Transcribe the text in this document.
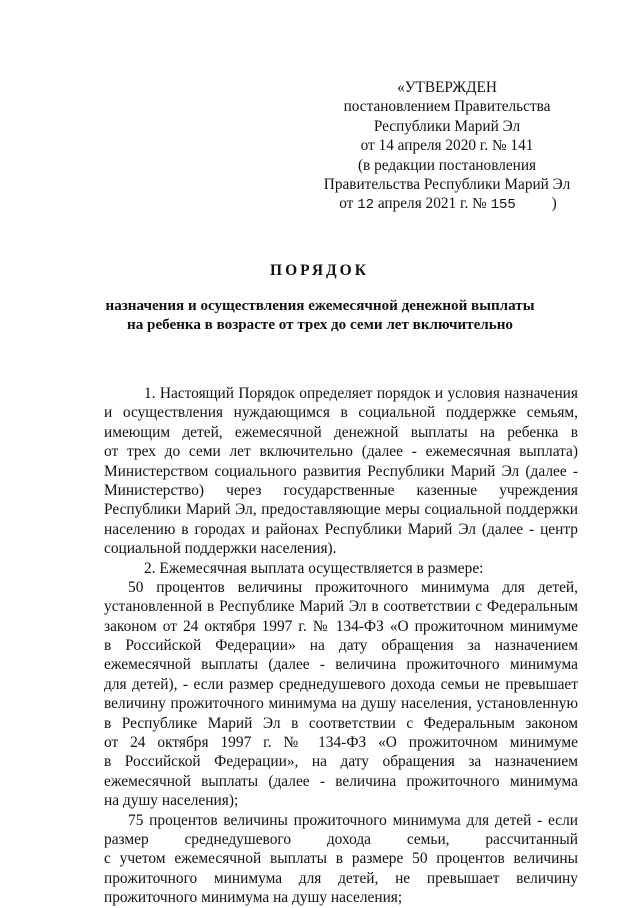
«УТВЕРЖДЕН
постановлением Правительства
Республики Марий Эл
от 14 апреля 2020 г. № 141
(в редакции постановления
Правительства Республики Марий Эл
от 12 апреля 2021 г. № 155 )
ПОРЯДОК
назначения и осуществления ежемесячной денежной выплаты
на ребенка в возрасте от трех до семи лет включительно
1. Настоящий Порядок определяет порядок и условия назначения
и осуществления нуждающимся в социальной поддержке семьям,
имеющим детей, ежемесячной денежной выплаты на ребенка в
от трех до семи лет включительно (далее - ежемесячная выплата)
Министерством социального развития Республики Марий Эл (далее -
Министерство) через государственные казенные учреждения
Республики Марий Эл, предоставляющие меры социальной поддержки
населению в городах и районах Республики Марий Эл (далее - центр
социальной поддержки населения).
2. Ежемесячная выплата осуществляется в размере:
50 процентов величины прожиточного минимума для детей,
установленной в Республике Марий Эл в соответствии с Федеральным
законом от 24 октября 1997 г. № 134-ФЗ «О прожиточном минимуме
в Российской Федерации» на дату обращения за назначением
ежемесячной выплаты (далее - величина прожиточного минимума
для детей), - если размер среднедушевого дохода семьи не превышает
величину прожиточного минимума на душу населения, установленную
в Республике Марий Эл в соответствии с Федеральным законом
от 24 октября 1997 г. № 134-ФЗ «О прожиточном минимуме
в Российской Федерации», на дату обращения за назначением
ежемесячной выплаты (далее - величина прожиточного минимума
на душу населения);
75 процентов величины прожиточного минимума для детей - если
размер среднедушевого дохода семьи, рассчитанный
с учетом ежемесячной выплаты в размере 50 процентов величины
прожиточного минимума для детей, не превышает величину
прожиточного минимума на душу населения;
